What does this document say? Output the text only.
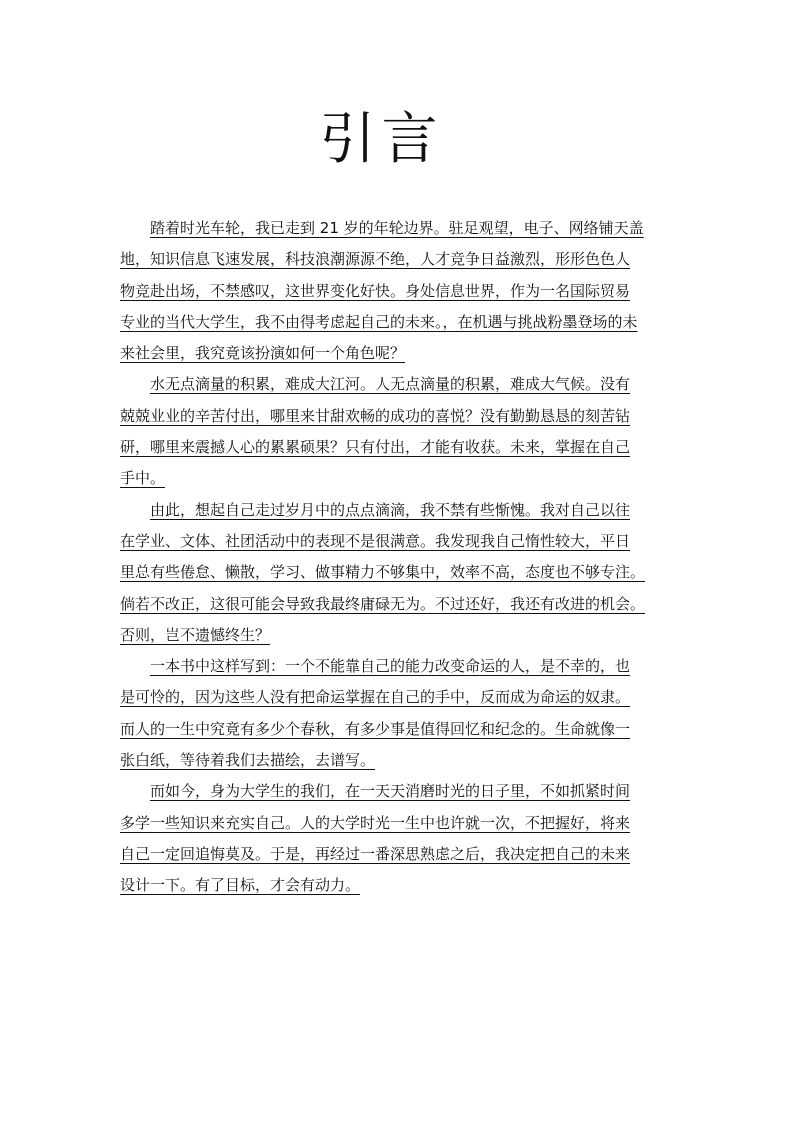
引言
踏着时光车轮，我已走到 21 岁的年轮边界。驻足观望，电子、网络铺天盖
地，知识信息飞速发展，科技浪潮源源不绝，人才竞争日益激烈，形形色色人
物竞赴出场，不禁感叹，这世界变化好快。身处信息世界，作为一名国际贸易
专业的当代大学生，我不由得考虑起自己的未来。，在机遇与挑战粉墨登场的未
来社会里，我究竟该扮演如何一个角色呢？
水无点滴量的积累，难成大江河。人无点滴量的积累，难成大气候。没有
兢兢业业的辛苦付出，哪里来甘甜欢畅的成功的喜悦？没有勤勤恳恳的刻苦钻
研，哪里来震撼人心的累累硕果？只有付出，才能有收获。未来，掌握在自己
手中。
由此，想起自己走过岁月中的点点滴滴，我不禁有些惭愧。我对自己以往
在学业、文体、社团活动中的表现不是很满意。我发现我自己惰性较大，平日
里总有些倦怠、懒散，学习、做事精力不够集中，效率不高，态度也不够专注。
倘若不改正，这很可能会导致我最终庸碌无为。不过还好，我还有改进的机会。
否则，岂不遗憾终生？
一本书中这样写到：一个不能靠自己的能力改变命运的人，是不幸的，也
是可怜的，因为这些人没有把命运掌握在自己的手中，反而成为命运的奴隶。
而人的一生中究竟有多少个春秋，有多少事是值得回忆和纪念的。生命就像一
张白纸，等待着我们去描绘，去谱写。
而如今，身为大学生的我们，在一天天消磨时光的日子里，不如抓紧时间
多学一些知识来充实自己。人的大学时光一生中也许就一次，不把握好，将来
自己一定回追悔莫及。于是，再经过一番深思熟虑之后，我决定把自己的未来
设计一下。有了目标，才会有动力。
